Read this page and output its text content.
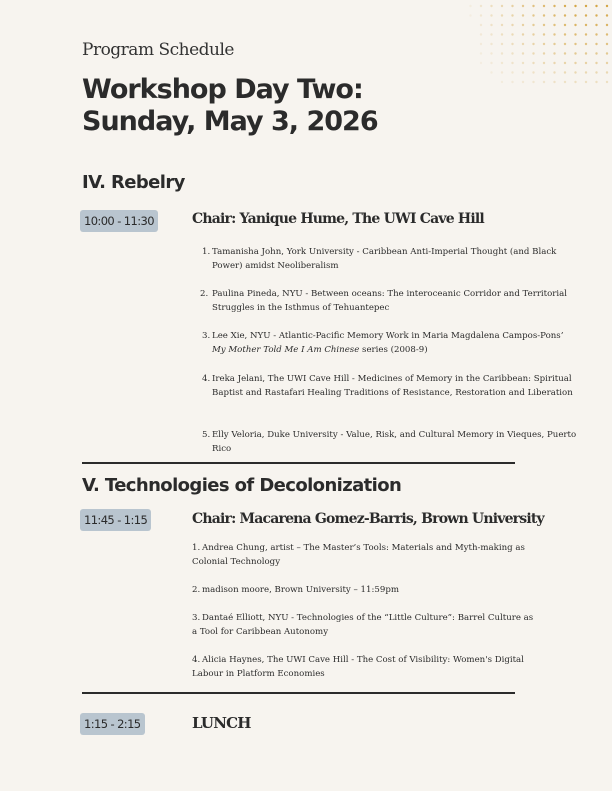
Program Schedule
Workshop Day Two:
Sunday, May 3, 2026
IV. Rebelry
10:00 - 11:30	Chair: Yanique Hume, The UWI Cave Hill
1. Tamanisha John, York University - Caribbean Anti-Imperial Thought (and Black Power) amidst Neoliberalism
2. Paulina Pineda, NYU - Between oceans: The interoceanic Corridor and Territorial Struggles in the Isthmus of Tehuantepec
3. Lee Xie, NYU - Atlantic-Pacific Memory Work in Maria Magdalena Campos-Pons’
My Mother Told Me I Am Chinese series (2008-9)
4. Ireka Jelani, The UWI Cave Hill - Medicines of Memory in the Caribbean: Spiritual Baptist and Rastafari Healing Traditions of Resistance, Restoration and Liberation
5. Elly Veloria, Duke University - Value, Risk, and Cultural Memory in Vieques, Puerto Rico
V. Technologies of Decolonization
11:45 - 1:15	Chair: Macarena Gomez-Barris, Brown University
1. Andrea Chung, artist – The Master’s Tools: Materials and Myth-making as Colonial Technology
2. madison moore, Brown University – 11:59pm
3. Dantaé Elliott, NYU - Technologies of the “Little Culture”: Barrel Culture as a Tool for Caribbean Autonomy
4. Alicia Haynes, The UWI Cave Hill - The Cost of Visibility: Women's Digital Labour in Platform Economies
1:15 - 2:15	LUNCH
